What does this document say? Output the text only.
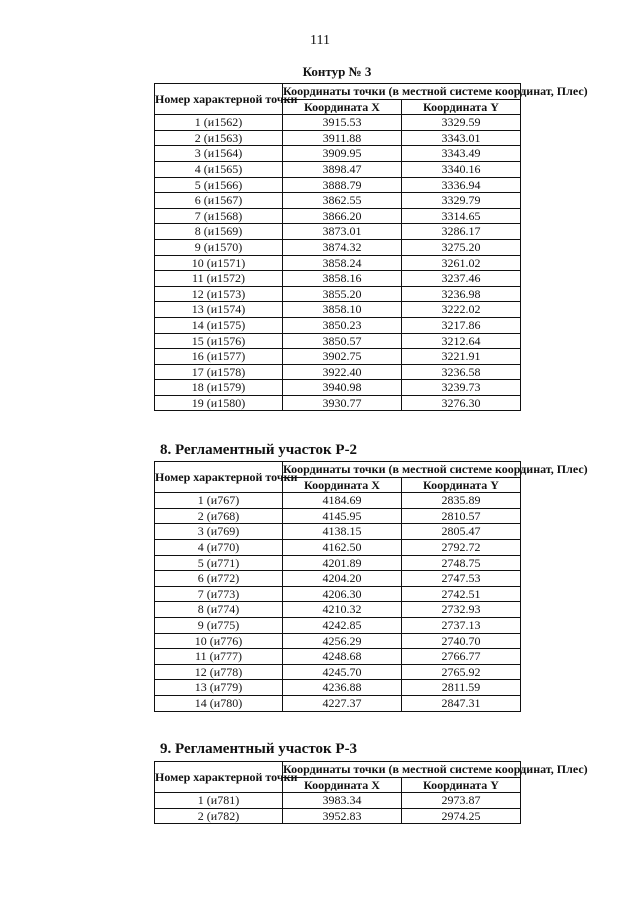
111
Контур № 3
Номер характерной точки	Координаты точки (в местной системе координат, Плес)	
	Координата X	Координата Y
1 (и1562)	3915.53	3329.59
2 (и1563)	3911.88	3343.01
3 (и1564)	3909.95	3343.49
4 (и1565)	3898.47	3340.16
5 (и1566)	3888.79	3336.94
6 (и1567)	3862.55	3329.79
7 (и1568)	3866.20	3314.65
8 (и1569)	3873.01	3286.17
9 (и1570)	3874.32	3275.20
10 (и1571)	3858.24	3261.02
11 (и1572)	3858.16	3237.46
12 (и1573)	3855.20	3236.98
13 (и1574)	3858.10	3222.02
14 (и1575)	3850.23	3217.86
15 (и1576)	3850.57	3212.64
16 (и1577)	3902.75	3221.91
17 (и1578)	3922.40	3236.58
18 (и1579)	3940.98	3239.73
19 (и1580)	3930.77	3276.30
8. Регламентный участок Р-2
Номер характерной точки	Координаты точки (в местной системе координат, Плес)	
	Координата X	Координата Y
1 (и767)	4184.69	2835.89
2 (и768)	4145.95	2810.57
3 (и769)	4138.15	2805.47
4 (и770)	4162.50	2792.72
5 (и771)	4201.89	2748.75
6 (и772)	4204.20	2747.53
7 (и773)	4206.30	2742.51
8 (и774)	4210.32	2732.93
9 (и775)	4242.85	2737.13
10 (и776)	4256.29	2740.70
11 (и777)	4248.68	2766.77
12 (и778)	4245.70	2765.92
13 (и779)	4236.88	2811.59
14 (и780)	4227.37	2847.31
9. Регламентный участок Р-3
Номер характерной точки	Координаты точки (в местной системе координат, Плес)	
	Координата X	Координата Y
1 (и781)	3983.34	2973.87
2 (и782)	3952.83	2974.25
